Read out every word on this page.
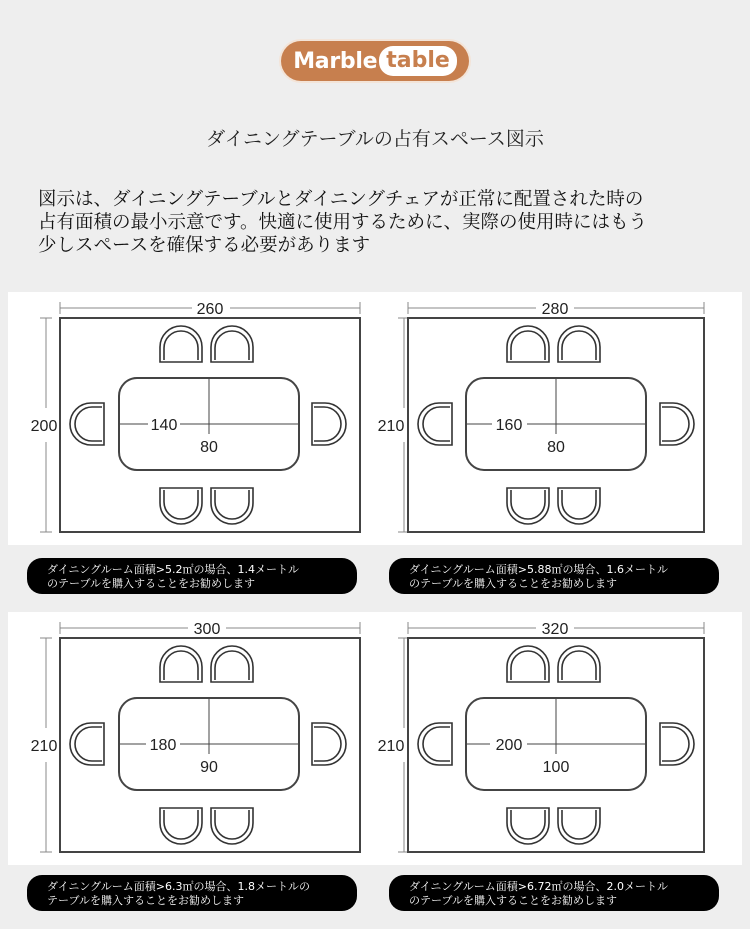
Marble table
ダイニングテーブルの占有スペース図示
図示は、ダイニングテーブルとダイニングチェアが正常に配置された時の
占有面積の最小示意です。快適に使用するために、実際の使用時にはもう
少しスペースを確保する必要があります
260
200	140
80
ダイニングルーム面積>5.2㎡の場合、1.4メートル
のテーブルを購入することをお勧めします
280
210	160
80
ダイニングルーム面積>5.88㎡の場合、1.6メートル
のテーブルを購入することをお勧めします
300
210	180
90
ダイニングルーム面積>6.3㎡の場合、1.8メートルの
テーブルを購入することをお勧めします
320
210	200
100
ダイニングルーム面積>6.72㎡の場合、2.0メートル
のテーブルを購入することをお勧めします
